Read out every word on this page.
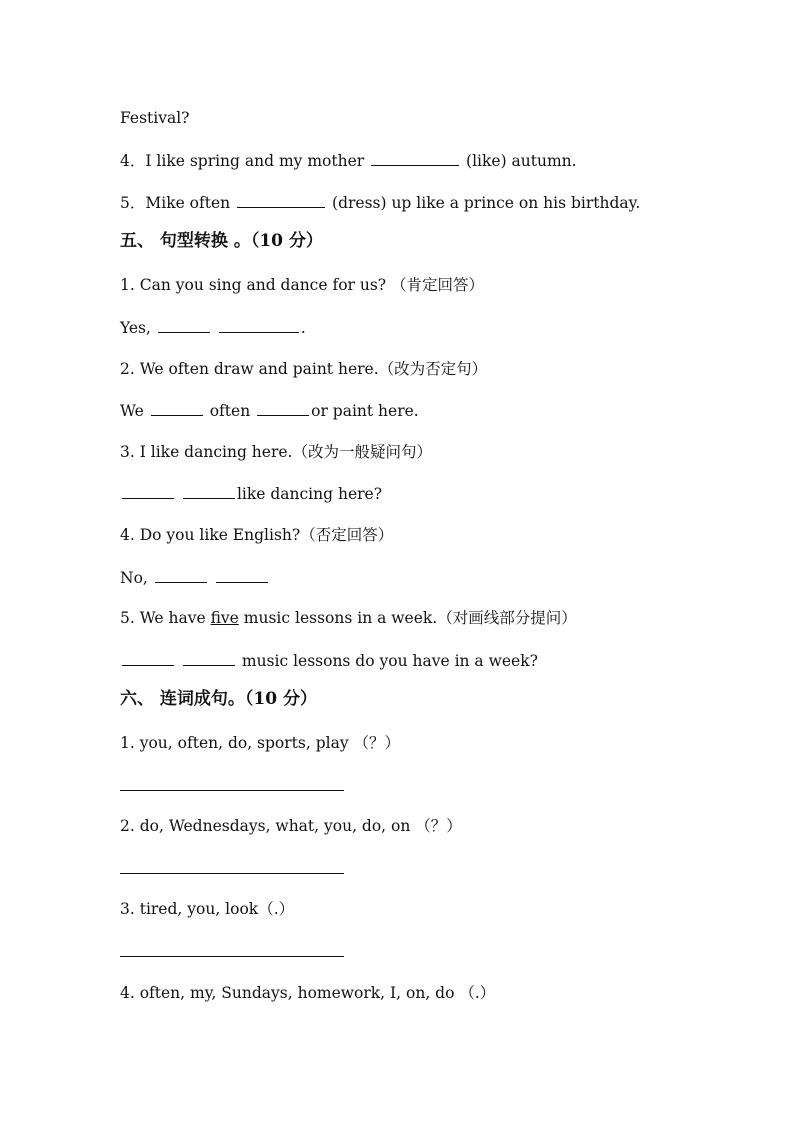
Festival?
4．I like spring and my mother	(like) autumn.
5．Mike often	(dress) up like a prince on his birthday.
五、 句型转换 。（10 分）
1. Can you sing and dance for us? （肯定回答）
Yes,	.
2. We often draw and paint here.（改为否定句）
We	often	or paint here.
3. I like dancing here.（改为一般疑问句）
like dancing here?
4. Do you like English?（否定回答）
No,
5. We have five music lessons in a week.（对画线部分提问）
music lessons do you have in a week?
六、 连词成句。（10 分）
1. you, often, do, sports, play （？）
2. do, Wednesdays, what, you, do, on （？）
3. tired, you, look（.）
4. often, my, Sundays, homework, I, on, do （.）
